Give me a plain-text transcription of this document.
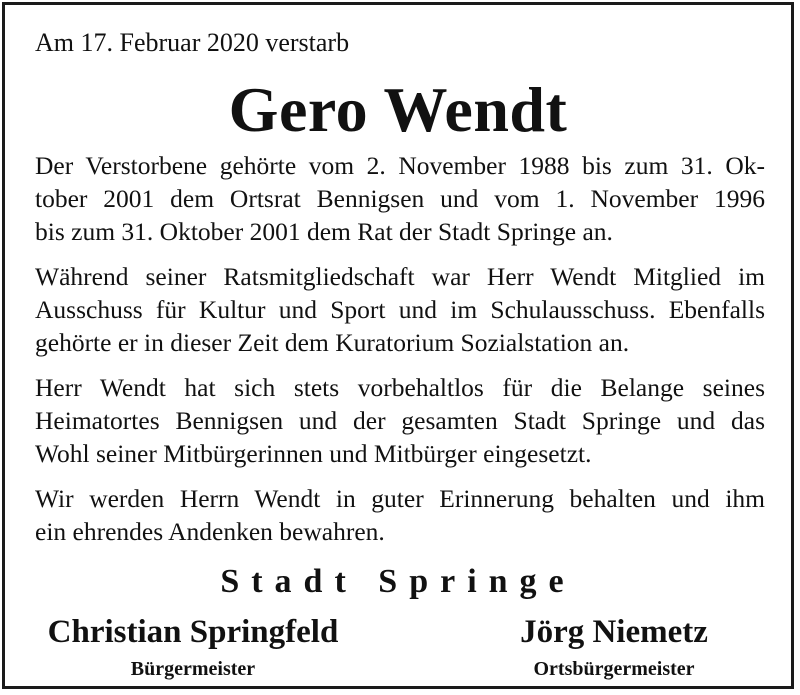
Am 17. Februar 2020 verstarb
Gero Wendt
Der Verstorbene gehörte vom 2. November 1988 bis zum 31. Ok-
tober 2001 dem Ortsrat Bennigsen und vom 1. November 1996
bis zum 31. Oktober 2001 dem Rat der Stadt Springe an.
Während seiner Ratsmitgliedschaft war Herr Wendt Mitglied im
Ausschuss für Kultur und Sport und im Schulausschuss. Ebenfalls
gehörte er in dieser Zeit dem Kuratorium Sozialstation an.
Herr Wendt hat sich stets vorbehaltlos für die Belange seines
Heimatortes Bennigsen und der gesamten Stadt Springe und das
Wohl seiner Mitbürgerinnen und Mitbürger eingesetzt.
Wir werden Herrn Wendt in guter Erinnerung behalten und ihm
ein ehrendes Andenken bewahren.
Stadt Springe
Christian Springfeld
Bürgermeister
Jörg Niemetz
Ortsbürgermeister
